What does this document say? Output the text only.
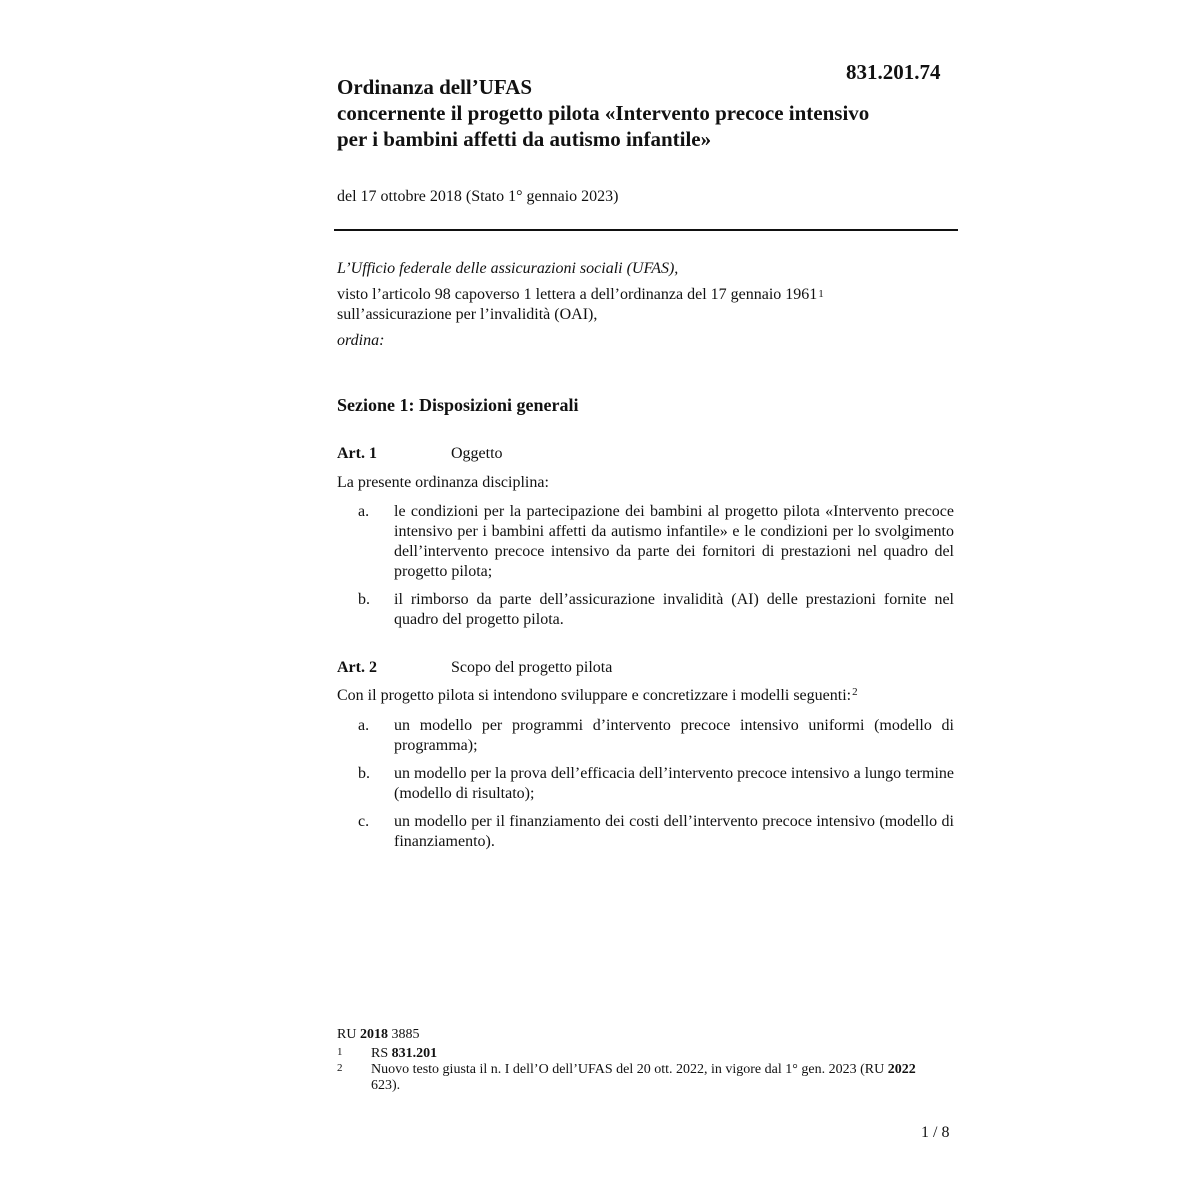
831.201.74
Ordinanza dell’UFAS
concernente il progetto pilota «Intervento precoce intensivo
per i bambini affetti da autismo infantile»
del 17 ottobre 2018 (Stato 1° gennaio 2023)
L’Ufficio federale delle assicurazioni sociali (UFAS),
visto l’articolo 98 capoverso 1 lettera a dell’ordinanza del 17 gennaio 1961$^1$
sull’assicurazione per l’invalidità (OAI),
ordina:
Sezione 1: Disposizioni generali
Art. 1	Oggetto
La presente ordinanza disciplina:
a.	le condizioni per la partecipazione dei bambini al progetto pilota «Intervento precoce intensivo per i bambini affetti da autismo infantile» e le condizioni per lo svolgimento dell’intervento precoce intensivo da parte dei fornitori di prestazioni nel quadro del progetto pilota;
b.	il rimborso da parte dell’assicurazione invalidità (AI) delle prestazioni fornite nel quadro del progetto pilota.
Art. 2	Scopo del progetto pilota
Con il progetto pilota si intendono sviluppare e concretizzare i modelli seguenti:$^2$
a.	un modello per programmi d’intervento precoce intensivo uniformi (modello di programma);
b.	un modello per la prova dell’efficacia dell’intervento precoce intensivo a lungo termine (modello di risultato);
c.	un modello per il finanziamento dei costi dell’intervento precoce intensivo (modello di finanziamento).
RU 2018 3885
1	RS 831.201
2	Nuovo testo giusta il n. I dell’O dell’UFAS del 20 ott. 2022, in vigore dal 1° gen. 2023 (RU 2022 623).
1 / 8
